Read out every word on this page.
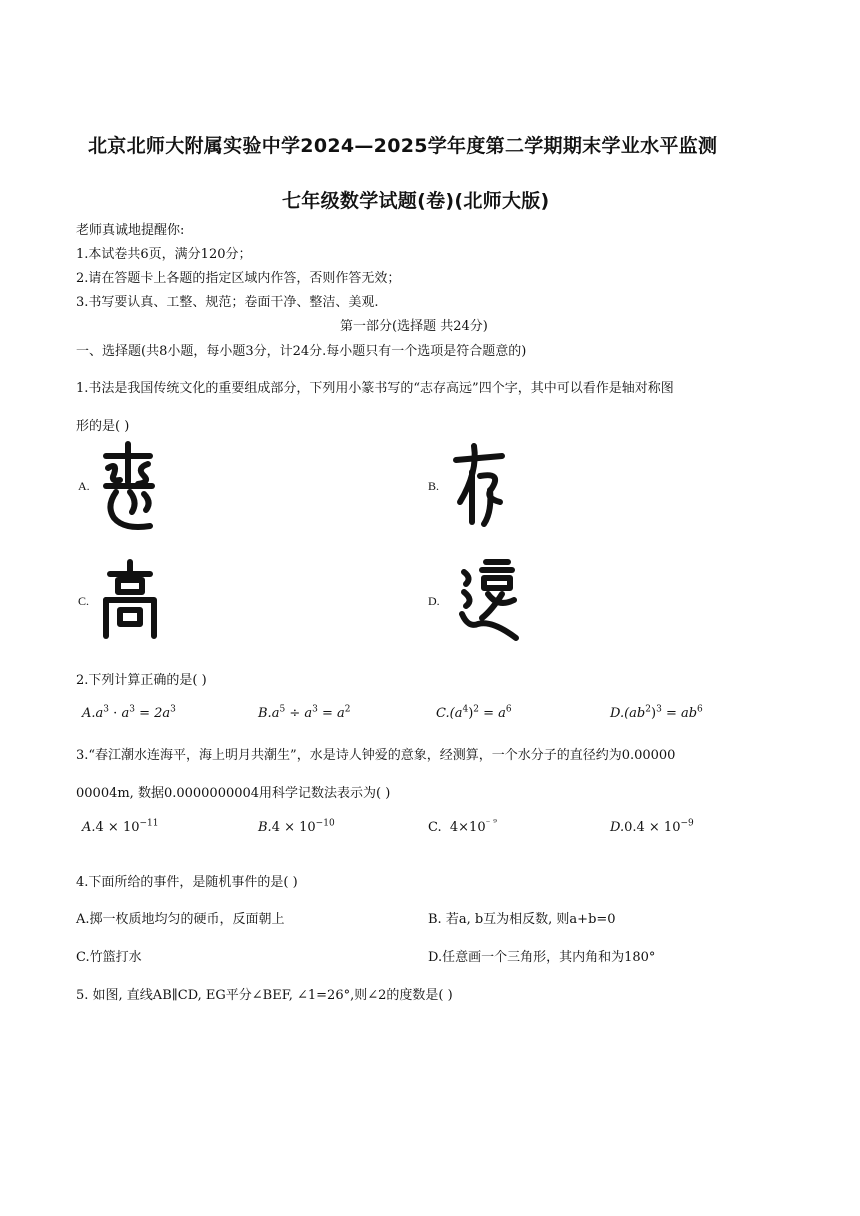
北京北师大附属实验中学2024—2025学年度第二学期期末学业水平监测
七年级数学试题(卷)(北师大版)
老师真诚地提醒你:
1.本试卷共6页，满分120分；
2.请在答题卡上各题的指定区域内作答，否则作答无效；
3.书写要认真、工整、规范；卷面干净、整洁、美观.
第一部分(选择题 共24分)
一、选择题(共8小题，每小题3分，计24分.每小题只有一个选项是符合题意的)
1.书法是我国传统文化的重要组成部分，下列用小篆书写的“志存高远”四个字，其中可以看作是轴对称图
形的是( )
A.	B.
C.	D.
2.下列计算正确的是( )
$A.a^3 \cdot a^3 = 2a^3$	$B.a^5 \div a^3 = a^2$	$C.(a^4)^2 = a^6$	$D.(ab^2)^3 = ab^6$
3.“春江潮水连海平，海上明月共潮生”，水是诗人钟爱的意象，经测算，一个水分子的直径约为0.00000
00004m, 数据0.0000000004用科学记数法表示为( )
$A.4 \times 10^{-11}$	$B.4 \times 10^{-10}$	C. $4\times 10^{^- ^9}$	$D.0.4 \times 10^{-9}$
4.下面所给的事件，是随机事件的是( )
A.掷一枚质地均匀的硬币，反面朝上	B. 若a, b互为相反数, 则a+b=0
C.竹篮打水	D.任意画一个三角形，其内角和为180°
5. 如图, 直线AB∥CD, EG平分∠BEF, ∠1=26°,则∠2的度数是( )
